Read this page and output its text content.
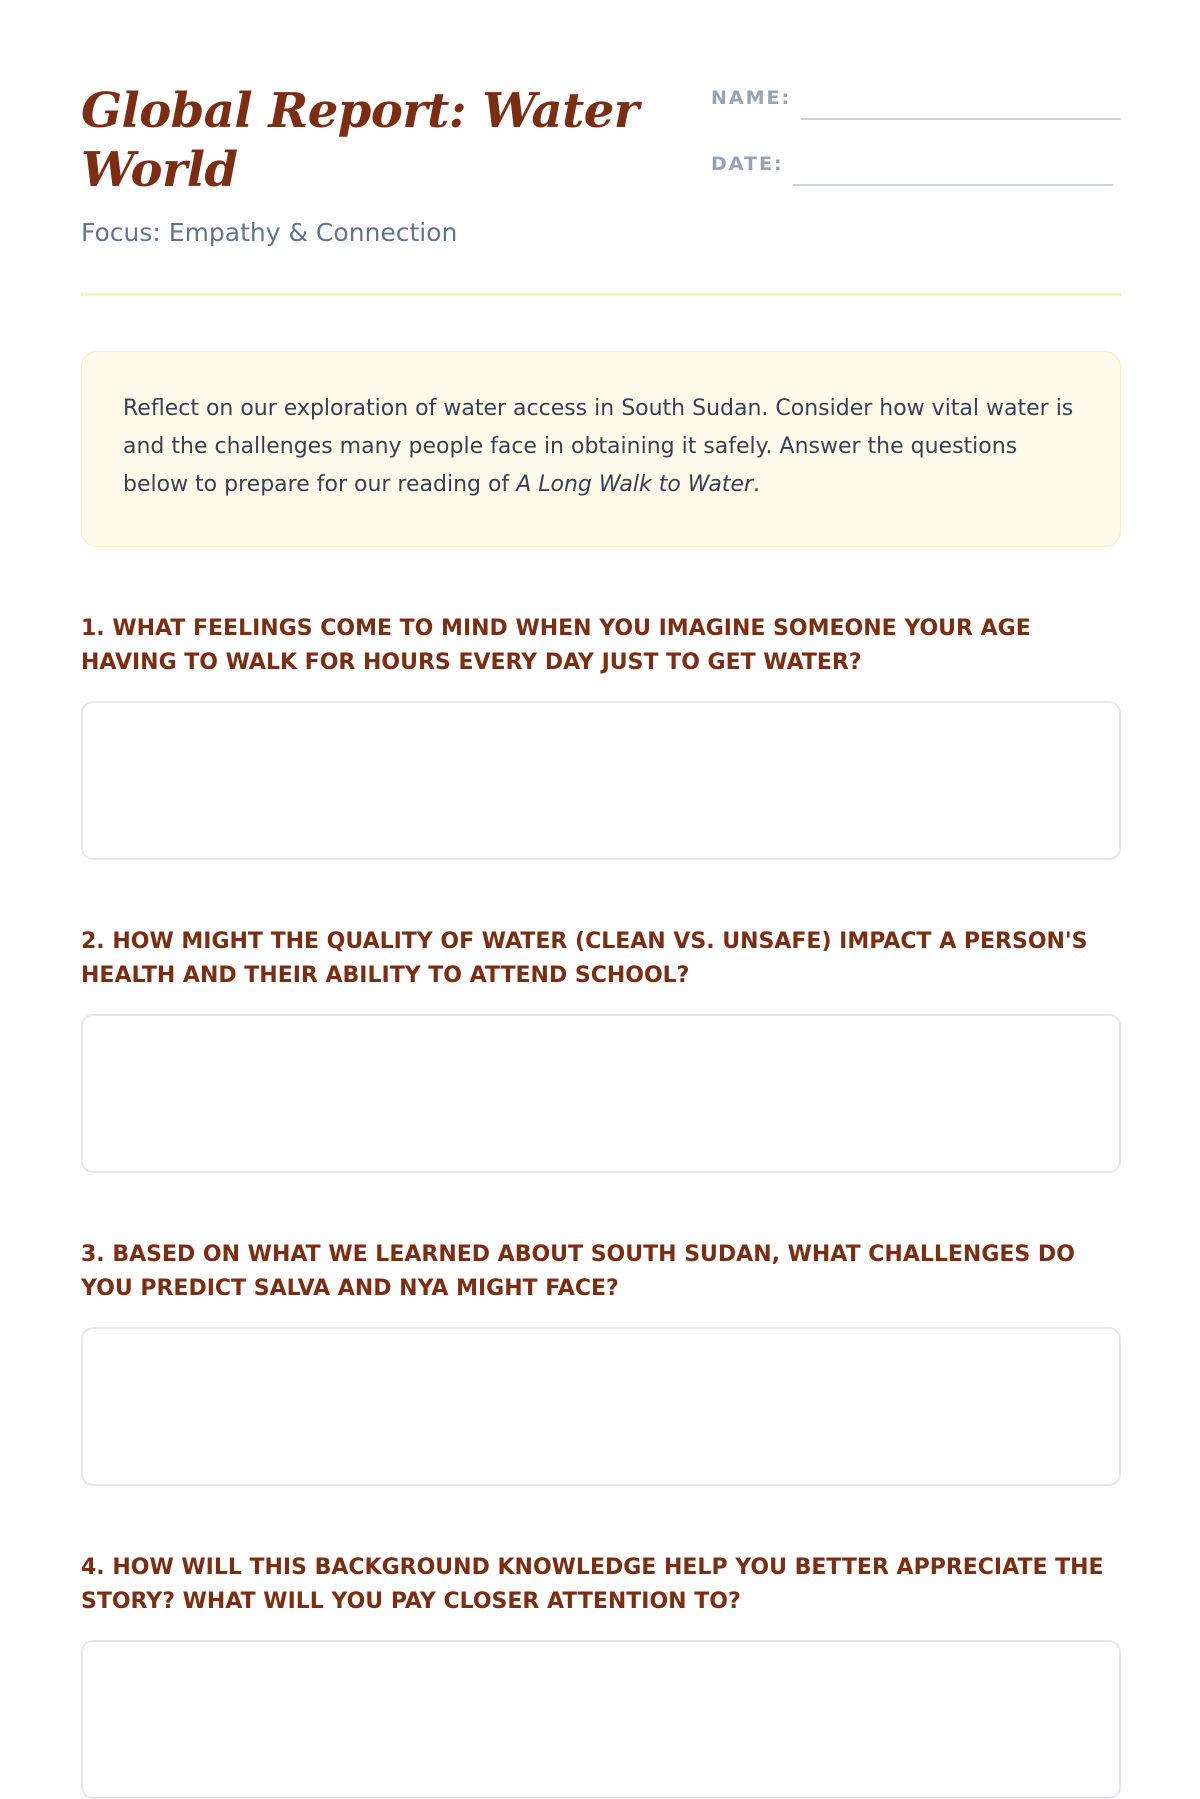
Global Report: Water World

Focus: Empathy & Connection

NAME:
DATE:

Reflect on our exploration of water access in South Sudan. Consider how vital water is and the challenges many people face in obtaining it safely. Answer the questions below to prepare for our reading of A Long Walk to Water.

1. WHAT FEELINGS COME TO MIND WHEN YOU IMAGINE SOMEONE YOUR AGE HAVING TO WALK FOR HOURS EVERY DAY JUST TO GET WATER?

2. HOW MIGHT THE QUALITY OF WATER (CLEAN VS. UNSAFE) IMPACT A PERSON'S HEALTH AND THEIR ABILITY TO ATTEND SCHOOL?

3. BASED ON WHAT WE LEARNED ABOUT SOUTH SUDAN, WHAT CHALLENGES DO YOU PREDICT SALVA AND NYA MIGHT FACE?

4. HOW WILL THIS BACKGROUND KNOWLEDGE HELP YOU BETTER APPRECIATE THE STORY? WHAT WILL YOU PAY CLOSER ATTENTION TO?
